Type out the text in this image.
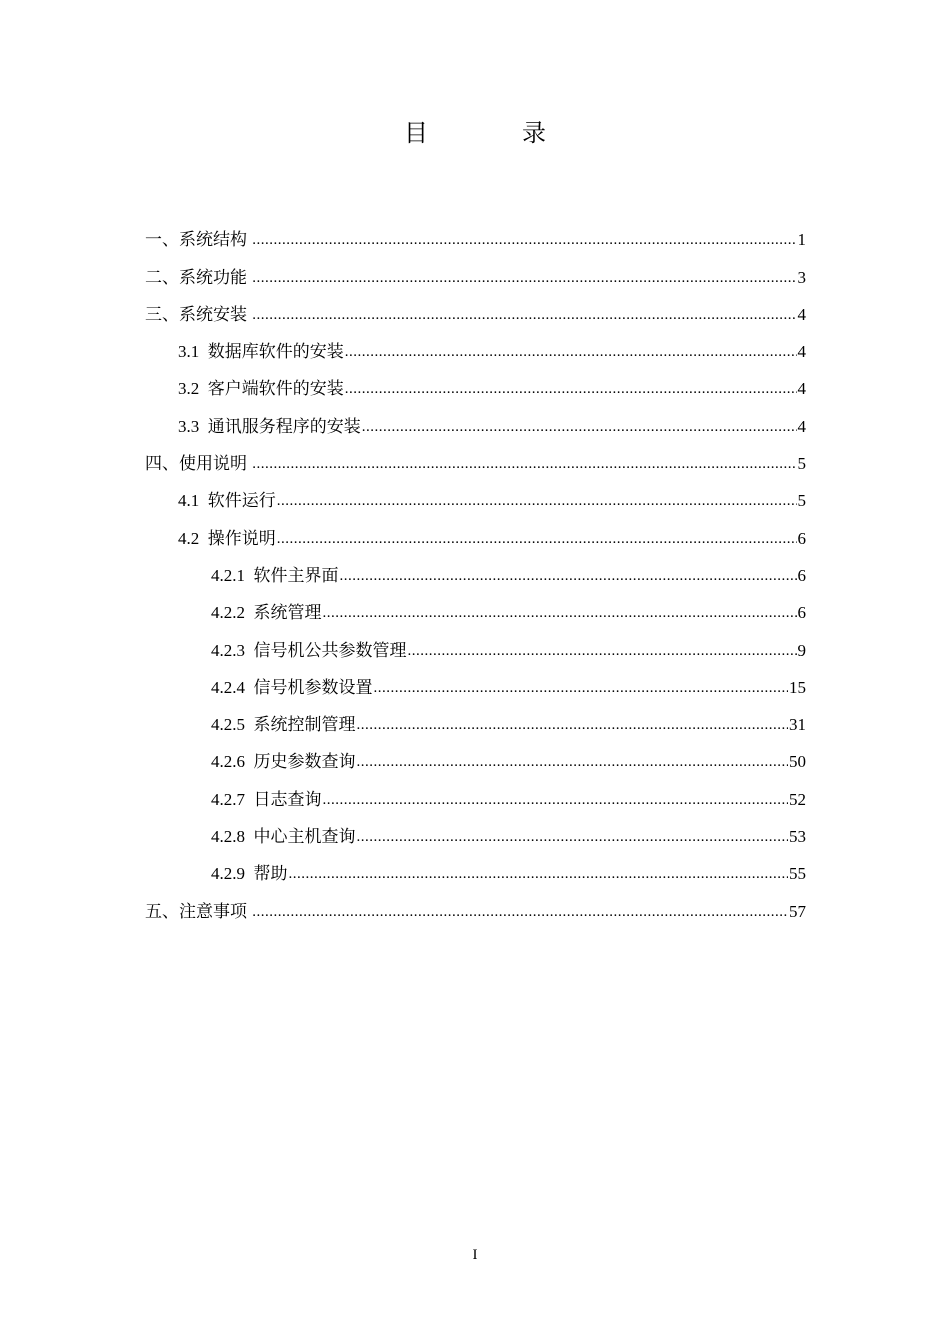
目 录
一、系统结构 .....	1
二、系统功能 .....	3
三、系统安装 .....	4
3.1  数据库软件的安装 .....	4
3.2  客户端软件的安装 .....	4
3.3  通讯服务程序的安装 .....	4
四、使用说明 .....	5
4.1  软件运行 .....	5
4.2  操作说明 .....	6
4.2.1  软件主界面 .....	6
4.2.2  系统管理 .....	6
4.2.3  信号机公共参数管理 .....	9
4.2.4  信号机参数设置 .....	15
4.2.5  系统控制管理 .....	31
4.2.6  历史参数查询 .....	50
4.2.7  日志查询 .....	52
4.2.8  中心主机查询 .....	53
4.2.9  帮助 .....	55
五、注意事项 .....	57
I
